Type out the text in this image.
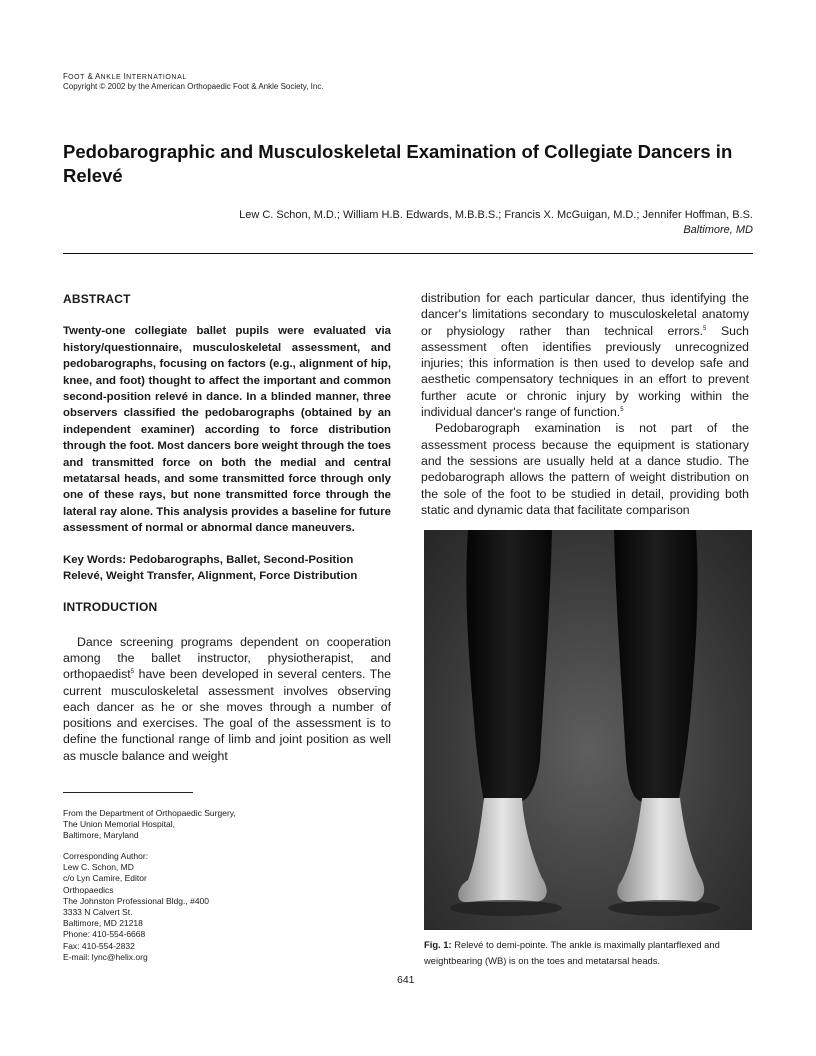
FOOT & ANKLE INTERNATIONAL
Copyright © 2002 by the American Orthopaedic Foot & Ankle Society, Inc.
Pedobarographic and Musculoskeletal Examination of Collegiate Dancers in Relevé
Lew C. Schon, M.D.; William H.B. Edwards, M.B.B.S.; Francis X. McGuigan, M.D.; Jennifer Hoffman, B.S.
Baltimore, MD
ABSTRACT

Twenty-one collegiate ballet pupils were evaluated via history/questionnaire, musculoskeletal assessment, and pedobarographs, focusing on factors (e.g., alignment of hip, knee, and foot) thought to affect the important and common second-position relevé in dance. In a blinded manner, three observers classified the pedobarographs (obtained by an independent examiner) according to force distribution through the foot. Most dancers bore weight through the toes and transmitted force on both the medial and central metatarsal heads, and some transmitted force through only one of these rays, but none transmitted force through the lateral ray alone. This analysis provides a baseline for future assessment of normal or abnormal dance maneuvers.

Key Words: Pedobarographs, Ballet, Second-Position Relevé, Weight Transfer, Alignment, Force Distribution

INTRODUCTION

Dance screening programs dependent on cooperation among the ballet instructor, physiotherapist, and orthopaedist$^5$ have been developed in several centers. The current musculoskeletal assessment involves observing each dancer as he or she moves through a number of positions and exercises. The goal of the assessment is to define the functional range of limb and joint position as well as muscle balance and weight

distribution for each particular dancer, thus identifying the dancer's limitations secondary to musculoskeletal anatomy or physiology rather than technical errors.$^5$ Such assessment often identifies previously unrecognized injuries; this information is then used to develop safe and aesthetic compensatory techniques in an effort to prevent further acute or chronic injury by working within the individual dancer's range of function.$^5$

Pedobarograph examination is not part of the assessment process because the equipment is stationary and the sessions are usually held at a dance studio. The pedobarograph allows the pattern of weight distribution on the sole of the foot to be studied in detail, providing both static and dynamic data that facilitate comparison

Fig. 1: Relevé to demi-pointe. The ankle is maximally plantarflexed and weightbearing (WB) is on the toes and metatarsal heads.
From the Department of Orthopaedic Surgery,
The Union Memorial Hospital,
Baltimore, Maryland
Corresponding Author:
Lew C. Schon, MD
c/o Lyn Camire, Editor
Orthopaedics
The Johnston Professional Bldg., #400
3333 N Calvert St.
Baltimore, MD 21218
Phone: 410-554-6668
Fax: 410-554-2832
E-mail: lync@helix.org
641
